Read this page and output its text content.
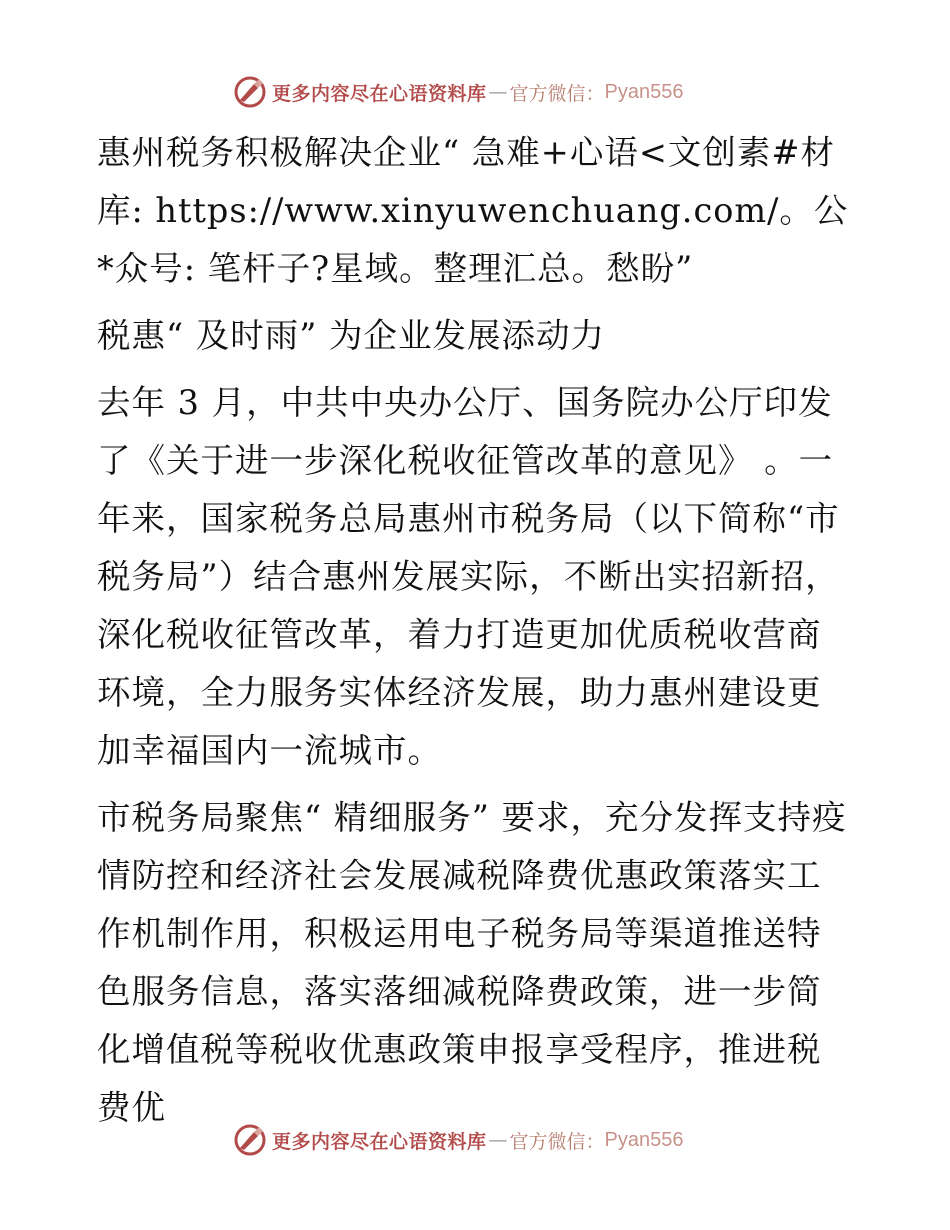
更多内容尽在心语资料库 — 官方微信： Pyan556

惠州税务积极解决企业“ 急难+心语<文创素#材库: https://www.xinyuwenchuang.com/。公*众号: 笔杆子?星域。整理汇总。愁盼”

税惠“ 及时雨” 为企业发展添动力

去年 3 月，中共中央办公厅、国务院办公厅印发了《关于进一步深化税收征管改革的意见》 。一年来，国家税务总局惠州市税务局（以下简称“市税务局”）结合惠州发展实际，不断出实招新招，深化税收征管改革，着力打造更加优质税收营商环境，全力服务实体经济发展，助力惠州建设更加幸福国内一流城市。

市税务局聚焦“ 精细服务” 要求，充分发挥支持疫情防控和经济社会发展减税降费优惠政策落实工作机制作用，积极运用电子税务局等渠道推送特色服务信息，落实落细减税降费政策，进一步简化增值税等税收优惠政策申报享受程序，推进税费优

更多内容尽在心语资料库 — 官方微信： Pyan556
